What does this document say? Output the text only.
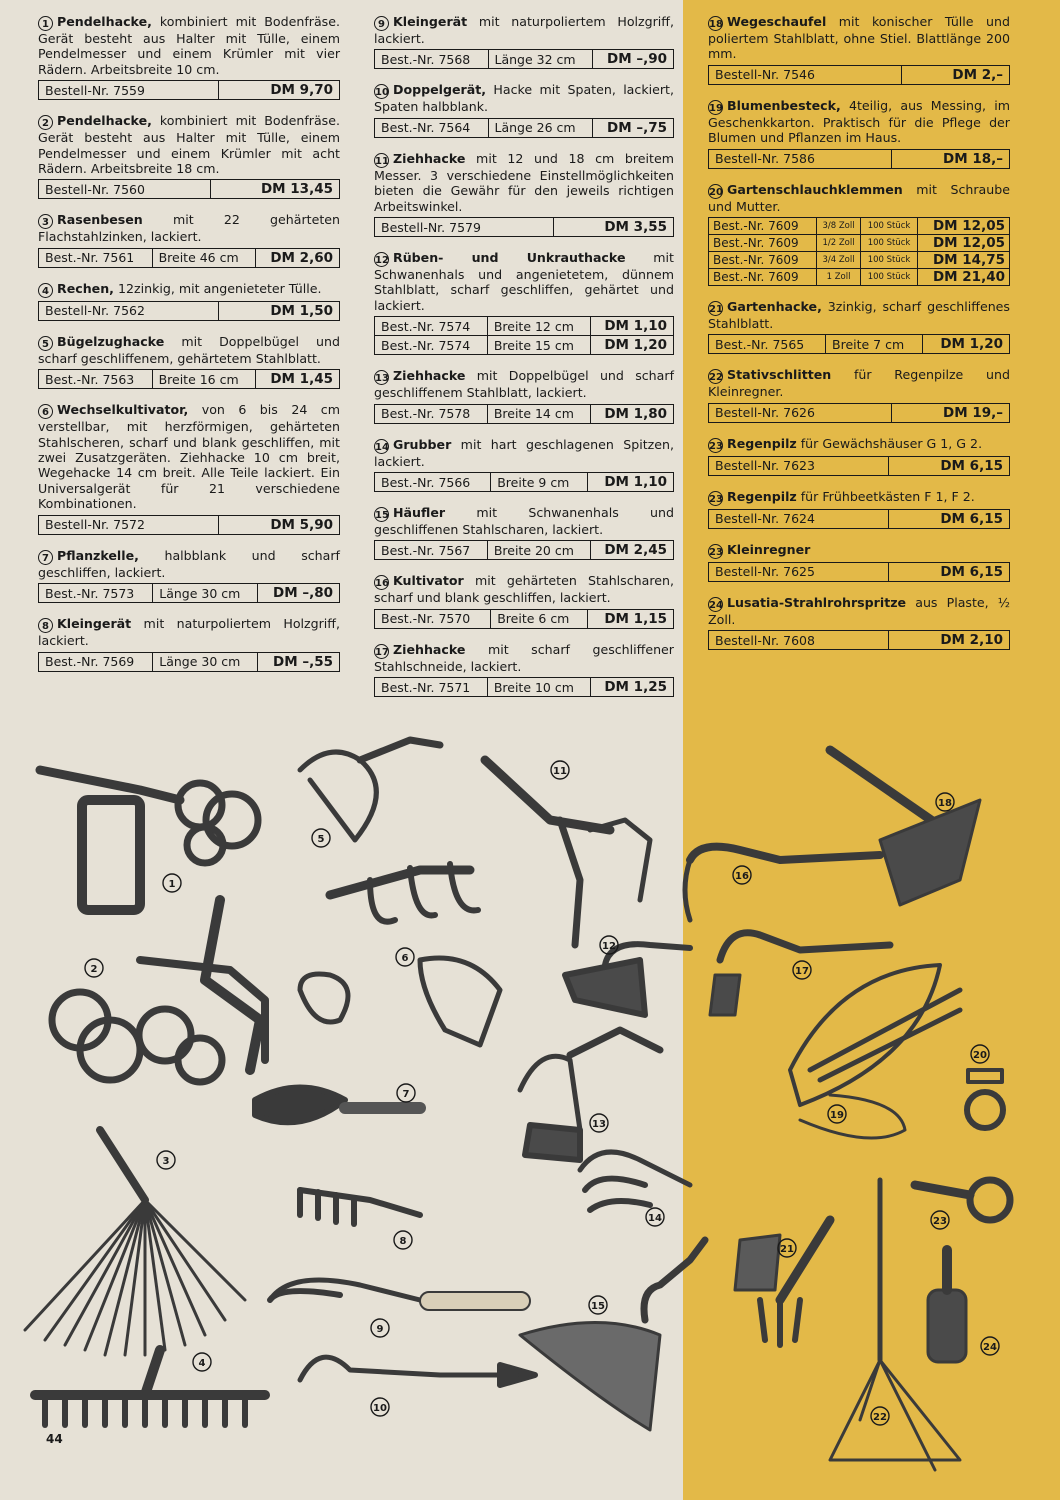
1 Pendelhacke, kombiniert mit Bodenfräse. Gerät besteht aus Halter mit Tülle, einem Pendelmesser und einem Krümler mit vier Rädern. Arbeitsbreite 10 cm.
Bestell-Nr. 7559	DM 9,70
2 Pendelhacke, kombiniert mit Bodenfräse. Gerät besteht aus Halter mit Tülle, einem Pendelmesser und einem Krümler mit acht Rädern. Arbeitsbreite 18 cm.
Bestell-Nr. 7560	DM 13,45
3 Rasenbesen mit 22 gehärteten Flachstahlzinken, lackiert.
Best.-Nr. 7561	Breite 46 cm	DM 2,60
4 Rechen, 12zinkig, mit angenieteter Tülle.
Bestell-Nr. 7562	DM 1,50
5 Bügelzughacke mit Doppelbügel und scharf geschliffenem, gehärtetem Stahlblatt.
Best.-Nr. 7563	Breite 16 cm	DM 1,45
6 Wechselkultivator, von 6 bis 24 cm verstellbar, mit herzförmigen, gehärteten Stahlscheren, scharf und blank geschliffen, mit zwei Zusatzgeräten. Ziehhacke 10 cm breit, Wegehacke 14 cm breit. Alle Teile lackiert. Ein Universalgerät für 21 verschiedene Kombinationen.
Bestell-Nr. 7572	DM 5,90
7 Pflanzkelle, halbblank und scharf geschliffen, lackiert.
Best.-Nr. 7573	Länge 30 cm	DM –,80
8 Kleingerät mit naturpoliertem Holzgriff, lackiert.
Best.-Nr. 7569	Länge 30 cm	DM –,55
9 Kleingerät mit naturpoliertem Holzgriff, lackiert.
Best.-Nr. 7568	Länge 32 cm	DM –,90
10 Doppelgerät, Hacke mit Spaten, lackiert, Spaten halbblank.
Best.-Nr. 7564	Länge 26 cm	DM –,75
11 Ziehhacke mit 12 und 18 cm breitem Messer. 3 verschiedene Einstellmöglichkeiten bieten die Gewähr für den jeweils richtigen Arbeitswinkel.
Bestell-Nr. 7579	DM 3,55
12 Rüben- und Unkrauthacke mit Schwanenhals und angenietetem, dünnem Stahlblatt, scharf geschliffen, gehärtet und lackiert.
Best.-Nr. 7574	Breite 12 cm	DM 1,10
Best.-Nr. 7574	Breite 15 cm	DM 1,20
13 Ziehhacke mit Doppelbügel und scharf geschliffenem Stahlblatt, lackiert.
Best.-Nr. 7578	Breite 14 cm	DM 1,80
14 Grubber mit hart geschlagenen Spitzen, lackiert.
Best.-Nr. 7566	Breite 9 cm	DM 1,10
15 Häufler mit Schwanenhals und geschliffenen Stahlscharen, lackiert.
Best.-Nr. 7567	Breite 20 cm	DM 2,45
16 Kultivator mit gehärteten Stahlscharen, scharf und blank geschliffen, lackiert.
Best.-Nr. 7570	Breite 6 cm	DM 1,15
17 Ziehhacke mit scharf geschliffener Stahlschneide, lackiert.
Best.-Nr. 7571	Breite 10 cm	DM 1,25
18 Wegeschaufel mit konischer Tülle und poliertem Stahlblatt, ohne Stiel. Blattlänge 200 mm.
Bestell-Nr. 7546	DM 2,–
19 Blumenbesteck, 4teilig, aus Messing, im Geschenkkarton. Praktisch für die Pflege der Blumen und Pflanzen im Haus.
Bestell-Nr. 7586	DM 18,–
20 Gartenschlauchklemmen mit Schraube und Mutter.
Best.-Nr. 7609	3/8 Zoll	100 Stück	DM 12,05
Best.-Nr. 7609	1/2 Zoll	100 Stück	DM 12,05
Best.-Nr. 7609	3/4 Zoll	100 Stück	DM 14,75
Best.-Nr. 7609	1 Zoll	100 Stück	DM 21,40
21 Gartenhacke, 3zinkig, scharf geschliffenes Stahlblatt.
Best.-Nr. 7565	Breite 7 cm	DM 1,20
22 Stativschlitten für Regenpilze und Kleinregner.
Bestell-Nr. 7626	DM 19,–
23 Regenpilz für Gewächshäuser G 1, G 2.
Bestell-Nr. 7623	DM 6,15
23 Regenpilz für Frühbeetkästen F 1, F 2.
Bestell-Nr. 7624	DM 6,15
23 Kleinregner
Bestell-Nr. 7625	DM 6,15
24 Lusatia-Strahlrohrspritze aus Plaste, ½ Zoll.
Bestell-Nr. 7608	DM 2,10
1
2
3
4
5
6
7
8
9
10
11
12
13
14
15
16
17
18
19
20
21
22
23
24
44
